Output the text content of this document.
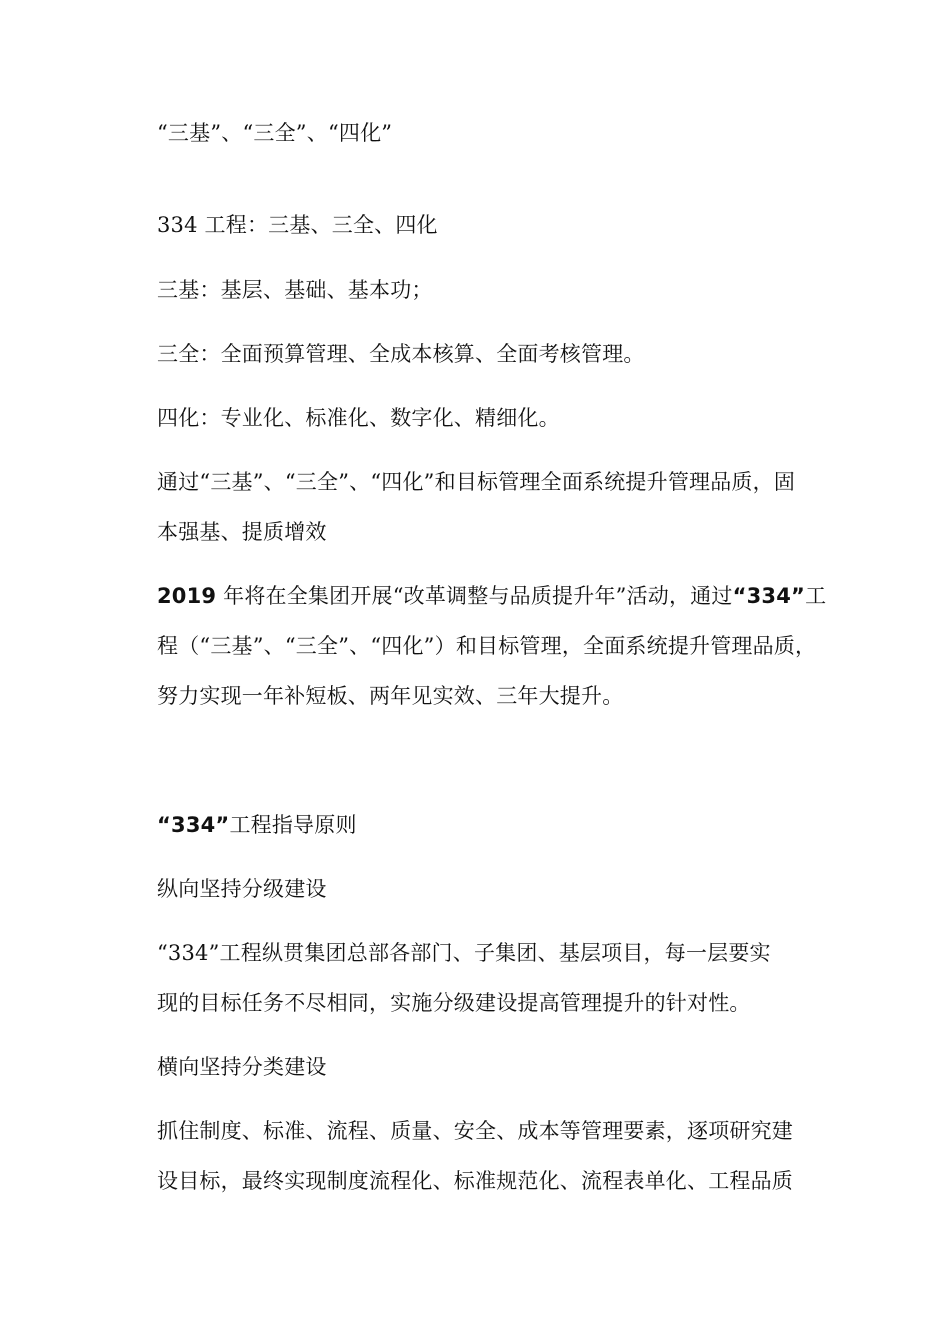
“三基”、“三全”、“四化”
334 工程：三基、三全、四化
三基：基层、基础、基本功；
三全：全面预算管理、全成本核算、全面考核管理。
四化：专业化、标准化、数字化、精细化。
通过“三基”、“三全”、“四化”和目标管理全面系统提升管理品质，固
本强基、提质增效
2019 年将在全集团开展“改革调整与品质提升年”活动，通过“334”工
程（“三基”、“三全”、“四化”）和目标管理，全面系统提升管理品质，
努力实现一年补短板、两年见实效、三年大提升。
“334”工程指导原则
纵向坚持分级建设
“334”工程纵贯集团总部各部门、子集团、基层项目，每一层要实
现的目标任务不尽相同，实施分级建设提高管理提升的针对性。
横向坚持分类建设
抓住制度、标准、流程、质量、安全、成本等管理要素，逐项研究建
设目标，最终实现制度流程化、标准规范化、流程表单化、工程品质
